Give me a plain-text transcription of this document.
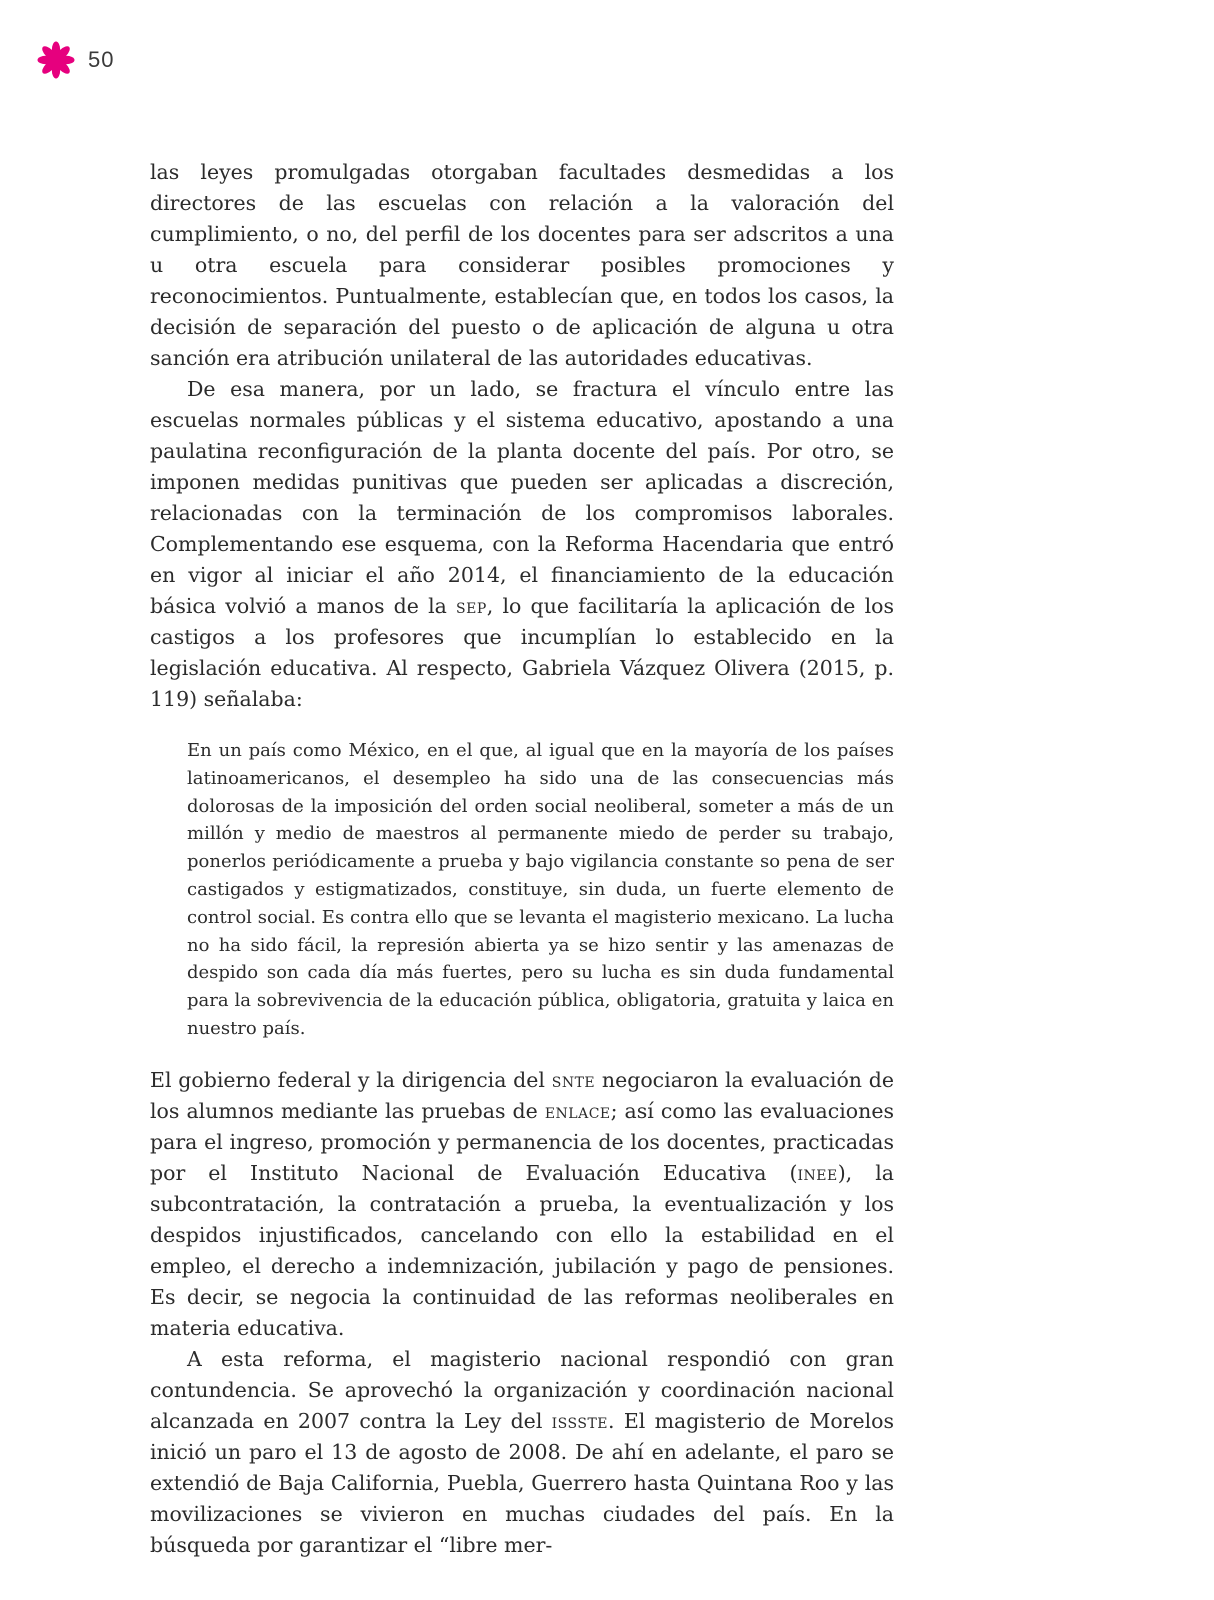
50

las leyes promulgadas otorgaban facultades desmedidas a los directores de las escuelas con relación a la valoración del cumplimiento, o no, del perfil de los docentes para ser adscritos a una u otra escuela para considerar posibles promociones y reconocimientos. Puntualmente, establecían que, en todos los casos, la decisión de separación del puesto o de aplicación de alguna u otra sanción era atribución unilateral de las autoridades educativas.

De esa manera, por un lado, se fractura el vínculo entre las escuelas normales públicas y el sistema educativo, apostando a una paulatina reconfiguración de la planta docente del país. Por otro, se imponen medidas punitivas que pueden ser aplicadas a discreción, relacionadas con la terminación de los compromisos laborales. Complementando ese esquema, con la Reforma Hacendaria que entró en vigor al iniciar el año 2014, el financiamiento de la educación básica volvió a manos de la sep, lo que facilitaría la aplicación de los castigos a los profesores que incumplían lo establecido en la legislación educativa. Al respecto, Gabriela Vázquez Olivera (2015, p. 119) señalaba:

En un país como México, en el que, al igual que en la mayoría de los países latinoamericanos, el desempleo ha sido una de las consecuencias más dolorosas de la imposición del orden social neoliberal, someter a más de un millón y medio de maestros al permanente miedo de perder su trabajo, ponerlos periódicamente a prueba y bajo vigilancia constante so pena de ser castigados y estigmatizados, constituye, sin duda, un fuerte elemento de control social. Es contra ello que se levanta el magisterio mexicano. La lucha no ha sido fácil, la represión abierta ya se hizo sentir y las amenazas de despido son cada día más fuertes, pero su lucha es sin duda fundamental para la sobrevivencia de la educación pública, obligatoria, gratuita y laica en nuestro país.

El gobierno federal y la dirigencia del snte negociaron la evaluación de los alumnos mediante las pruebas de enlace; así como las evaluaciones para el ingreso, promoción y permanencia de los docentes, practicadas por el Instituto Nacional de Evaluación Educativa (inee), la subcontratación, la contratación a prueba, la eventualización y los despidos injustificados, cancelando con ello la estabilidad en el empleo, el derecho a indemnización, jubilación y pago de pensiones. Es decir, se negocia la continuidad de las reformas neoliberales en materia educativa.

A esta reforma, el magisterio nacional respondió con gran contundencia. Se aprovechó la organización y coordinación nacional alcanzada en 2007 contra la Ley del issste. El magisterio de Morelos inició un paro el 13 de agosto de 2008. De ahí en adelante, el paro se extendió de Baja California, Puebla, Guerrero hasta Quintana Roo y las movilizaciones se vivieron en muchas ciudades del país. En la búsqueda por garantizar el “libre mer-
